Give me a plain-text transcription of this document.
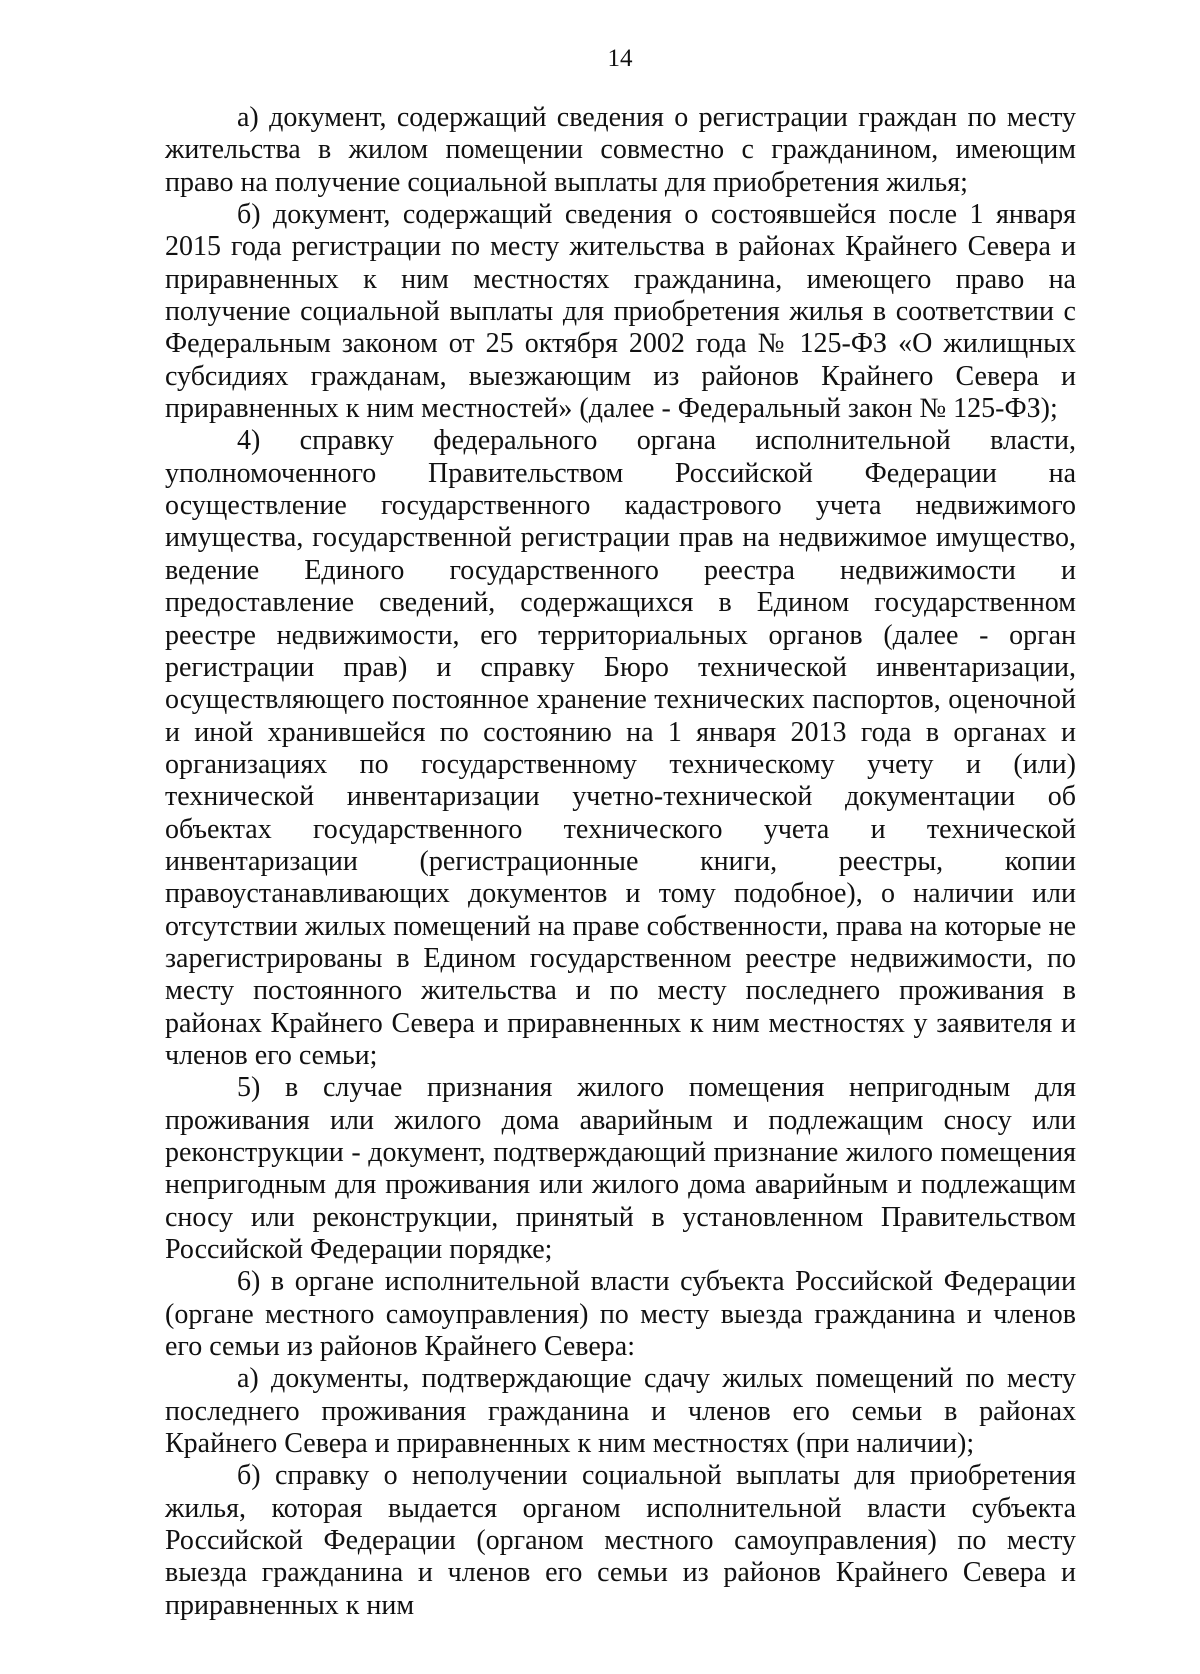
14

а) документ, содержащий сведения о регистрации граждан по месту жительства в жилом помещении совместно с гражданином, имеющим право на получение социальной выплаты для приобретения жилья;

б) документ, содержащий сведения о состоявшейся после 1 января 2015 года регистрации по месту жительства в районах Крайнего Севера и приравненных к ним местностях гражданина, имеющего право на получение социальной выплаты для приобретения жилья в соответствии с Федеральным законом от 25 октября 2002 года № 125-ФЗ «О жилищных субсидиях гражданам, выезжающим из районов Крайнего Севера и приравненных к ним местностей» (далее - Федеральный закон № 125-ФЗ);

4) справку федерального органа исполнительной власти, уполномоченного Правительством Российской Федерации на осуществление государственного кадастрового учета недвижимого имущества, государственной регистрации прав на недвижимое имущество, ведение Единого государственного реестра недвижимости и предоставление сведений, содержащихся в Едином государственном реестре недвижимости, его территориальных органов (далее - орган регистрации прав) и справку Бюро технической инвентаризации, осуществляющего постоянное хранение технических паспортов, оценочной и иной хранившейся по состоянию на 1 января 2013 года в органах и организациях по государственному техническому учету и (или) технической инвентаризации учетно-технической документации об объектах государственного технического учета и технической инвентаризации (регистрационные книги, реестры, копии правоустанавливающих документов и тому подобное), о наличии или отсутствии жилых помещений на праве собственности, права на которые не зарегистрированы в Едином государственном реестре недвижимости, по месту постоянного жительства и по месту последнего проживания в районах Крайнего Севера и приравненных к ним местностях у заявителя и членов его семьи;

5) в случае признания жилого помещения непригодным для проживания или жилого дома аварийным и подлежащим сносу или реконструкции - документ, подтверждающий признание жилого помещения непригодным для проживания или жилого дома аварийным и подлежащим сносу или реконструкции, принятый в установленном Правительством Российской Федерации порядке;

6) в органе исполнительной власти субъекта Российской Федерации (органе местного самоуправления) по месту выезда гражданина и членов его семьи из районов Крайнего Севера:

а) документы, подтверждающие сдачу жилых помещений по месту последнего проживания гражданина и членов его семьи в районах Крайнего Севера и приравненных к ним местностях (при наличии);

б) справку о неполучении социальной выплаты для приобретения жилья, которая выдается органом исполнительной власти субъекта Российской Федерации (органом местного самоуправления) по месту выезда гражданина и членов его семьи из районов Крайнего Севера и приравненных к ним
